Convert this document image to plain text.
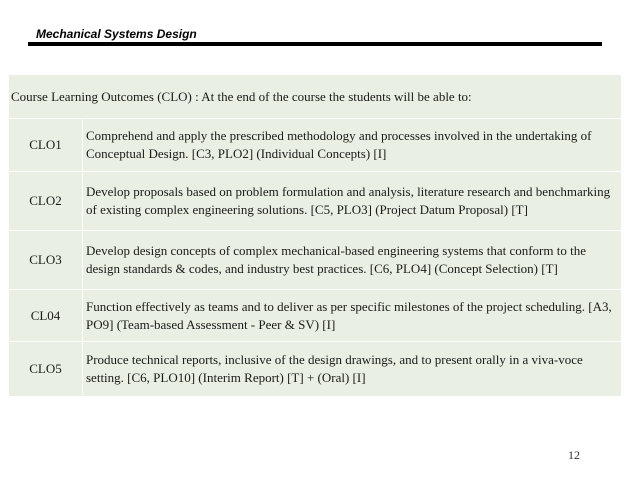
Mechanical Systems Design
Course Learning Outcomes (CLO) : At the end of the course the students will be able to:	
CLO1	Comprehend and apply the prescribed methodology and processes involved in the undertaking of Conceptual Design. [C3, PLO2] (Individual Concepts) [I]
CLO2	Develop proposals based on problem formulation and analysis, literature research and benchmarking of existing complex engineering solutions. [C5, PLO3] (Project Datum Proposal) [T]
CLO3	Develop design concepts of complex mechanical-based engineering systems that conform to the design standards & codes, and industry best practices. [C6, PLO4] (Concept Selection) [T]
CL04	Function effectively as teams and to deliver as per specific milestones of the project scheduling. [A3, PO9] (Team-based Assessment - Peer & SV) [I]
CLO5	Produce technical reports, inclusive of the design drawings, and to present orally in a viva-voce setting. [C6, PLO10] (Interim Report) [T] + (Oral) [I]
12
